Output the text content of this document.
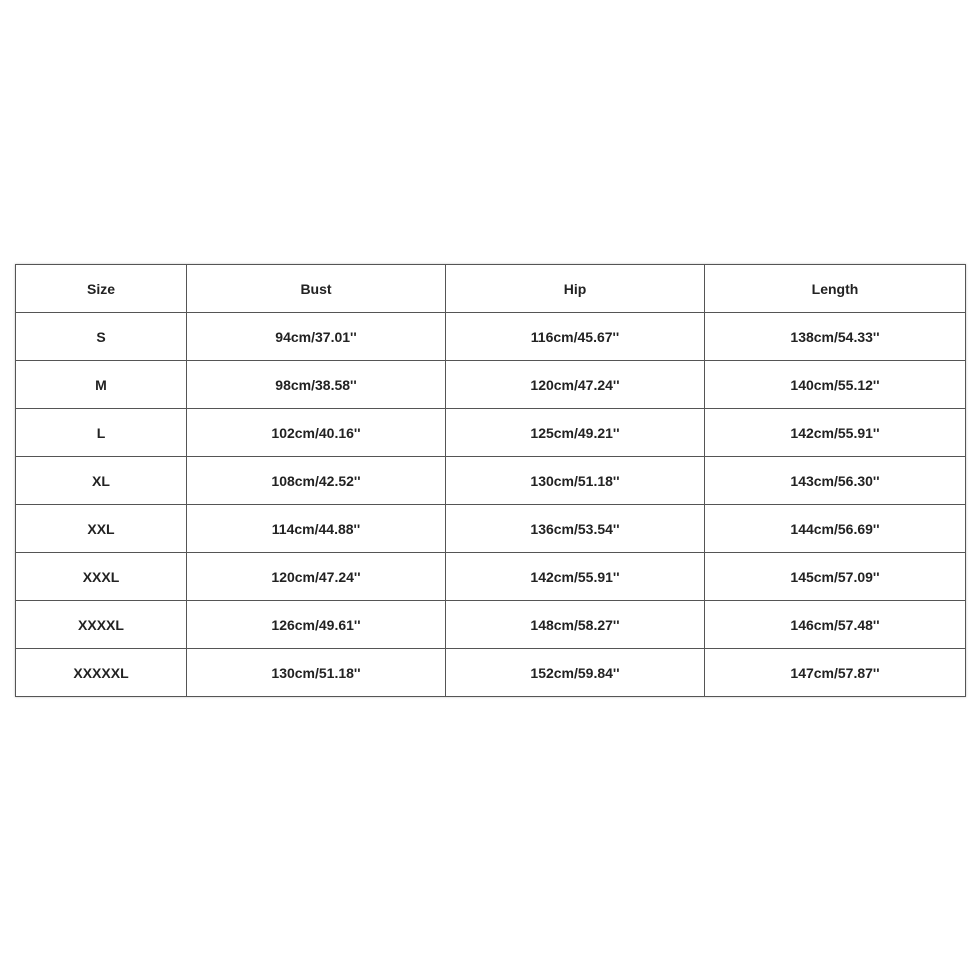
Size	Bust	Hip	Length
S	94cm/37.01''	116cm/45.67''	138cm/54.33''
M	98cm/38.58''	120cm/47.24''	140cm/55.12''
L	102cm/40.16''	125cm/49.21''	142cm/55.91''
XL	108cm/42.52''	130cm/51.18''	143cm/56.30''
XXL	114cm/44.88''	136cm/53.54''	144cm/56.69''
XXXL	120cm/47.24''	142cm/55.91''	145cm/57.09''
XXXXL	126cm/49.61''	148cm/58.27''	146cm/57.48''
XXXXXL	130cm/51.18''	152cm/59.84''	147cm/57.87''
